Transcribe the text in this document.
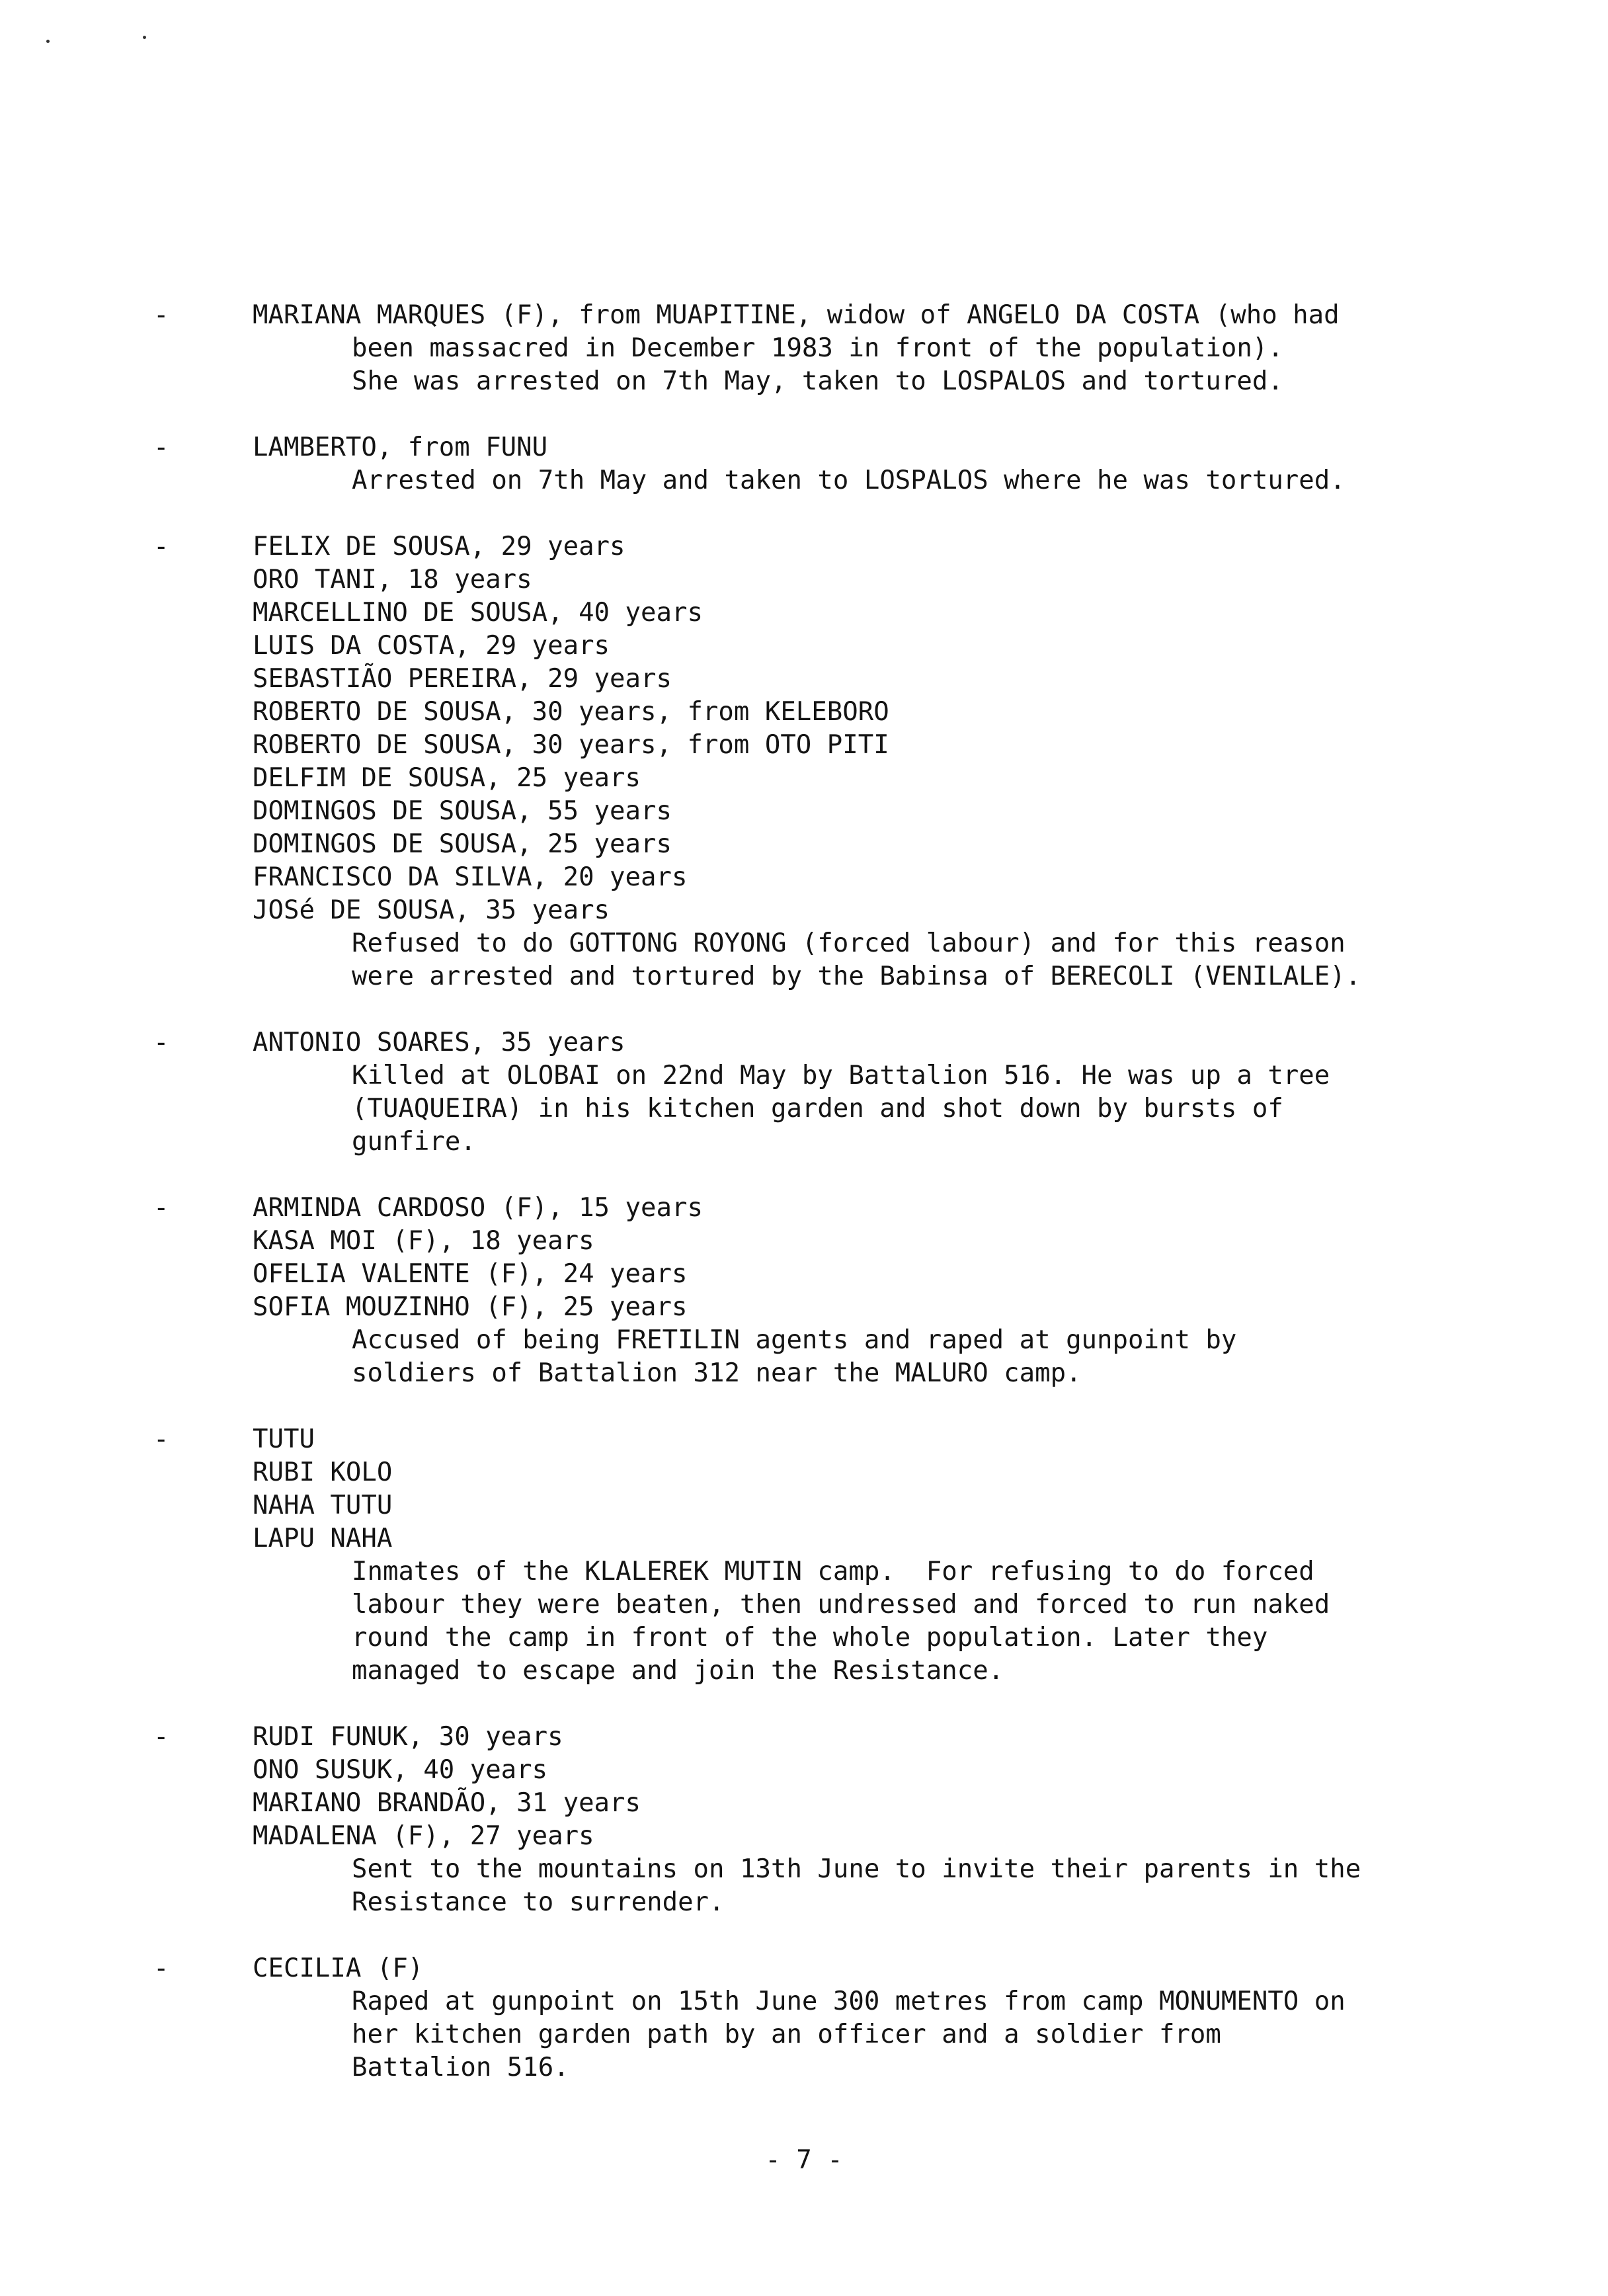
-	MARIANA MARQUES (F), from MUAPITINE, widow of ANGELO DA COSTA (who had
been massacred in December 1983 in front of the population).
She was arrested on 7th May, taken to LOSPALOS and tortured.
-	LAMBERTO, from FUNU
Arrested on 7th May and taken to LOSPALOS where he was tortured.
-	FELIX DE SOUSA, 29 years
ORO TANI, 18 years
MARCELLINO DE SOUSA, 40 years
LUIS DA COSTA, 29 years
SEBASTIÃO PEREIRA, 29 years
ROBERTO DE SOUSA, 30 years, from KELEBORO
ROBERTO DE SOUSA, 30 years, from OTO PITI
DELFIM DE SOUSA, 25 years
DOMINGOS DE SOUSA, 55 years
DOMINGOS DE SOUSA, 25 years
FRANCISCO DA SILVA, 20 years
JOSé DE SOUSA, 35 years
Refused to do GOTTONG ROYONG (forced labour) and for this reason
were arrested and tortured by the Babinsa of BERECOLI (VENILALE).
-	ANTONIO SOARES, 35 years
Killed at OLOBAI on 22nd May by Battalion 516. He was up a tree
(TUAQUEIRA) in his kitchen garden and shot down by bursts of
gunfire.
-	ARMINDA CARDOSO (F), 15 years
KASA MOI (F), 18 years
OFELIA VALENTE (F), 24 years
SOFIA MOUZINHO (F), 25 years
Accused of being FRETILIN agents and raped at gunpoint by
soldiers of Battalion 312 near the MALURO camp.
-	TUTU
RUBI KOLO
NAHA TUTU
LAPU NAHA
Inmates of the KLALEREK MUTIN camp.  For refusing to do forced
labour they were beaten, then undressed and forced to run naked
round the camp in front of the whole population. Later they
managed to escape and join the Resistance.
-	RUDI FUNUK, 30 years
ONO SUSUK, 40 years
MARIANO BRANDÃO, 31 years
MADALENA (F), 27 years
Sent to the mountains on 13th June to invite their parents in the
Resistance to surrender.
-	CECILIA (F)
Raped at gunpoint on 15th June 300 metres from camp MONUMENTO on
her kitchen garden path by an officer and a soldier from
Battalion 516.
- 7 -
